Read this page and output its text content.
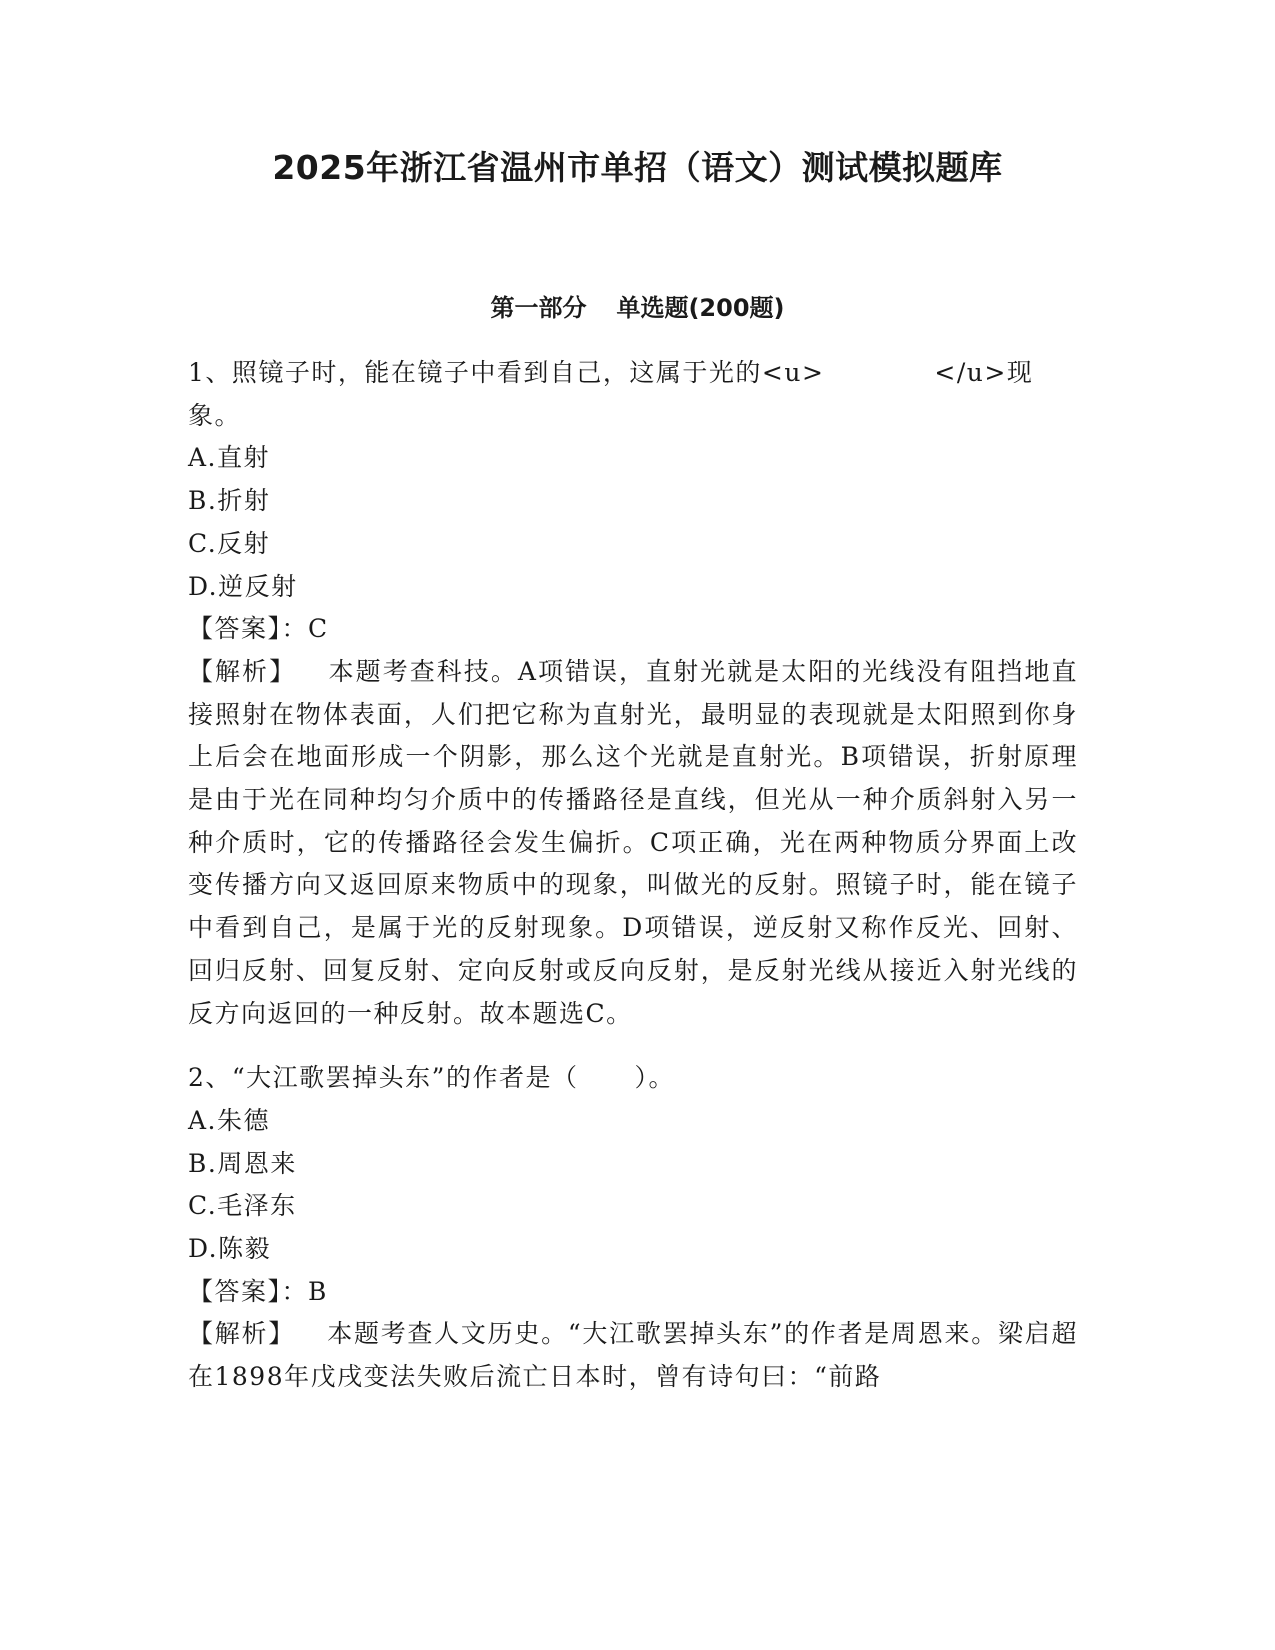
2025年浙江省温州市单招（语文）测试模拟题库
第一部分 单选题(200题)

1、照镜子时，能在镜子中看到自己，这属于光的<u>	</u>现象。

A.直射

B.折射

C.反射

D.逆反射

【答案】：C

【解析】 本题考查科技。A项错误，直射光就是太阳的光线没有阻挡地直接照射在物体表面，人们把它称为直射光，最明显的表现就是太阳照到你身上后会在地面形成一个阴影，那么这个光就是直射光。B项错误，折射原理是由于光在同种均匀介质中的传播路径是直线，但光从一种介质斜射入另一种介质时，它的传播路径会发生偏折。C项正确，光在两种物质分界面上改变传播方向又返回原来物质中的现象，叫做光的反射。照镜子时，能在镜子中看到自己，是属于光的反射现象。D项错误，逆反射又称作反光、回射、回归反射、回复反射、定向反射或反向反射，是反射光线从接近入射光线的反方向返回的一种反射。故本题选C。

2、“大江歌罢掉头东”的作者是（ ）。

A.朱德

B.周恩来

C.毛泽东

D.陈毅

【答案】：B

【解析】 本题考查人文历史。“大江歌罢掉头东”的作者是周恩来。梁启超在1898年戊戌变法失败后流亡日本时，曾有诗句曰：“前路
